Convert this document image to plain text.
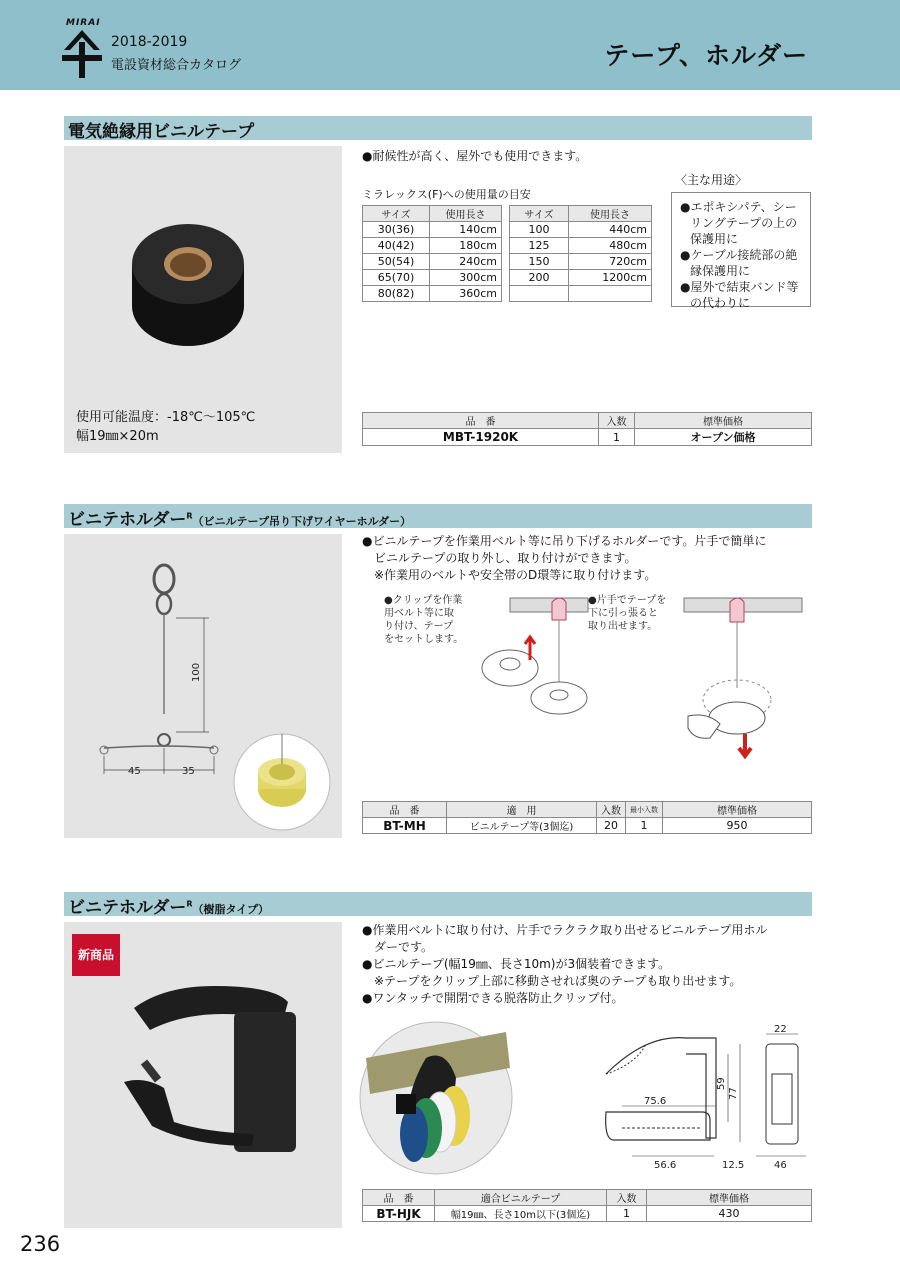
MIRAI
2018-2019
電設資材総合カタログ	テープ、ホルダー
電気絶縁用ビニルテープ
使用可能温度：-18℃～105℃
幅19㎜×20m
●耐候性が高く、屋外でも使用できます。
ミラレックス(F)への使用量の目安
サイズ	使用長さ
30(36)	140cm
40(42)	180cm
50(54)	240cm
65(70)	300cm
80(82)	360cm
サイズ	使用長さ
100	440cm
125	480cm
150	720cm
200	1200cm

〈主な用途〉
●エポキシパテ、シーリングテープの上の保護用に
●ケーブル接続部の絶縁保護用に
●屋外で結束バンド等の代わりに
品　番	入数	標準価格
MBT-1920K	1	オープン価格
ビニテホルダー$^R$（ビニルテープ吊り下げワイヤーホルダー）
100
45	35
●ビニルテープを作業用ベルト等に吊り下げるホルダーです。片手で簡単に
　ビニルテープの取り外し、取り付けができます。
　※作業用のベルトや安全帯のD環等に取り付けます。
●クリップを作業
用ベルト等に取
り付け、テープ
をセットします。
●片手でテープを
下に引っ張ると
取り出せます。
品　番	適　用	入数	最小入数	標準価格
BT-MH	ビニルテープ等(3個迄)	20	1	950
ビニテホルダー$^R$（樹脂タイプ）
新商品
●作業用ベルトに取り付け、片手でラクラク取り出せるビニルテープ用ホル
　ダーです。
●ビニルテープ(幅19㎜、長さ10m)が3個装着できます。
　※テープをクリップ上部に移動させれば奥のテープも取り出せます。
●ワンタッチで開閉できる脱落防止クリップ付。
75.6
56.6	12.5
59
77
22
46
品　番	適合ビニルテープ	入数	標準価格
BT-HJK	幅19㎜、長さ10m以下(3個迄)	1	430
236
